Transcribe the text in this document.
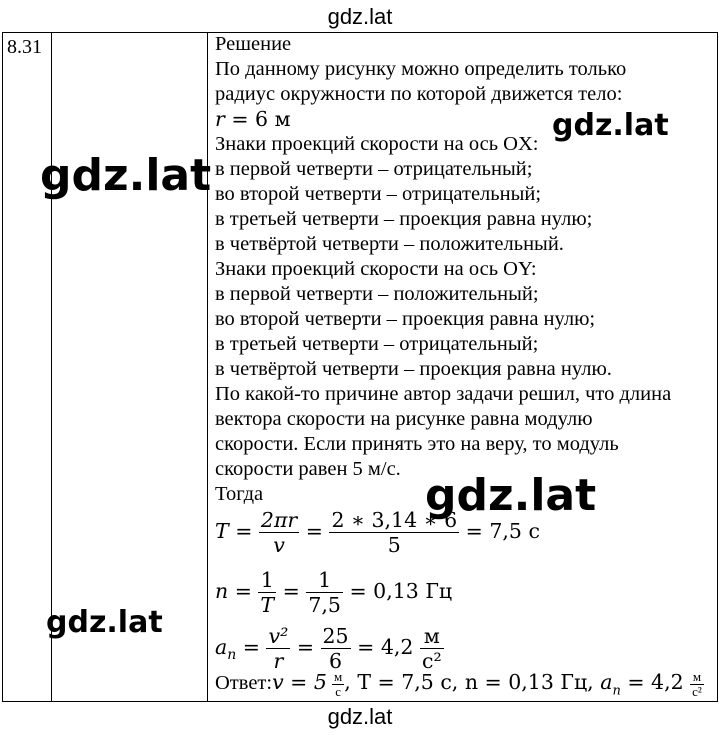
gdz.lat
8.31	Решение
По данному рисунку можно определить только
радиус окружности по которой движется тело:
r = 6 м
Знаки проекций скорости на ось OX:
в первой четверти – отрицательный;
во второй четверти – отрицательный;
в третьей четверти – проекция равна нулю;
в четвёртой четверти – положительный.
Знаки проекций скорости на ось OY:
в первой четверти – положительный;
во второй четверти – проекция равна нулю;
в третьей четверти – отрицательный;
в четвёртой четверти – проекция равна нулю.
По какой-то причине автор задачи решил, что длина
вектора скорости на рисунке равна модулю
скорости. Если принять это на веру, то модуль
скорости равен 5 м/с.
Тогда
$T = \frac{2\pi r}{v} = \frac{2 ∗ 3,14 ∗ 6}{5} = 7,5$ с
$n = \frac{1}{T} = \frac{1}{7,5} = 0,13$ Гц
$a_n = \frac{\text{v²}}{r} = \frac{25}{6} = 4,2$ м
с²
Ответ:v = 5 м
с , T = 7,5 с, n = 0,13 Гц, $a_n = 4,2$ м
с²
gdz.lat
gdz.lat
gdz.lat
gdz.lat
gdz.lat
